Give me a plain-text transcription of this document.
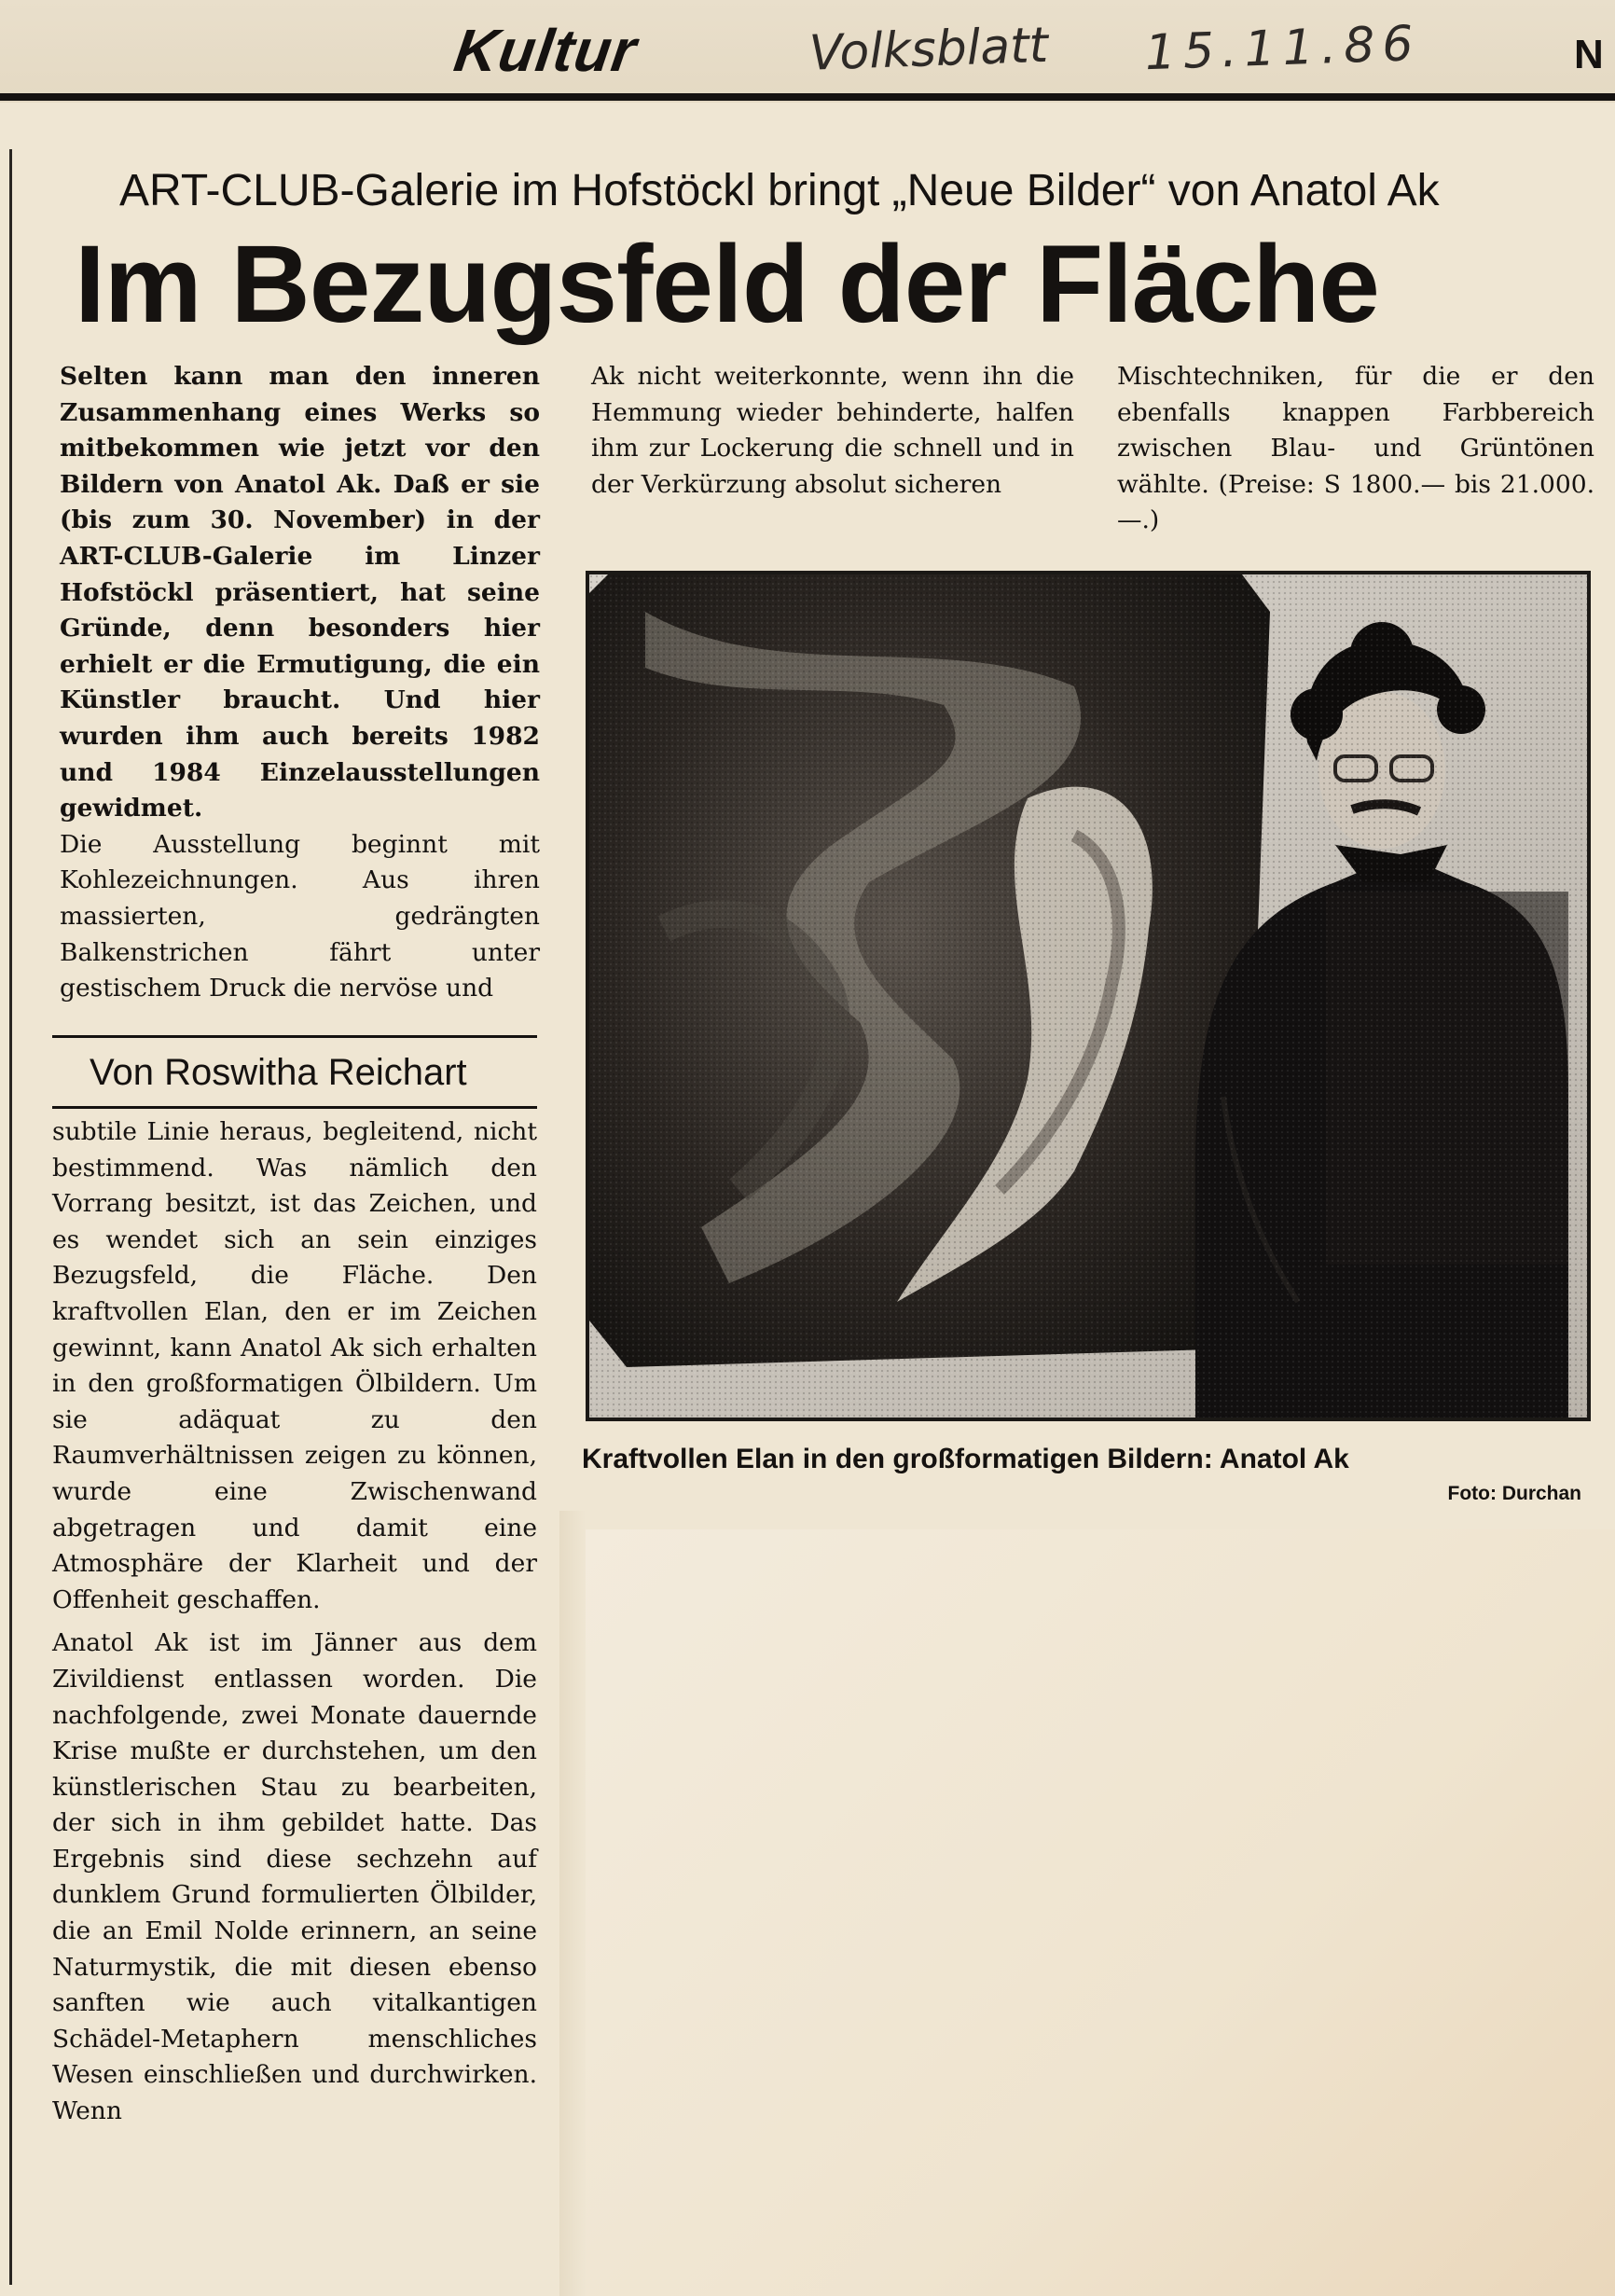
Kultur	Volksblatt	15.11.86	N
ART-CLUB-Galerie im Hofstöckl bringt „Neue Bilder“ von Anatol Ak
Im Bezugsfeld der Fläche

Selten kann man den inneren Zusammenhang eines Werks so mitbekommen wie jetzt vor den Bildern von Anatol Ak. Daß er sie (bis zum 30. November) in der ART-CLUB-Galerie im Linzer Hofstöckl präsentiert, hat seine Gründe, denn besonders hier erhielt er die Ermutigung, die ein Künstler braucht. Und hier wurden ihm auch bereits 1982 und 1984 Einzelausstellungen gewidmet.

Die Ausstellung beginnt mit Kohlezeichnungen. Aus ihren massierten, gedrängten Balkenstrichen fährt unter gestischem Druck die nervöse und

Von Roswitha Reichart

subtile Linie heraus, begleitend, nicht bestimmend. Was nämlich den Vorrang besitzt, ist das Zeichen, und es wendet sich an sein einziges Bezugsfeld, die Fläche. Den kraftvollen Elan, den er im Zeichen gewinnt, kann Anatol Ak sich erhalten in den großformatigen Ölbildern. Um sie adäquat zu den Raumverhältnissen zeigen zu können, wurde eine Zwischenwand abgetragen und damit eine Atmosphäre der Klarheit und der Offenheit geschaffen.

Anatol Ak ist im Jänner aus dem Zivildienst entlassen worden. Die nachfolgende, zwei Monate dauernde Krise mußte er durchstehen, um den künstlerischen Stau zu bearbeiten, der sich in ihm gebildet hatte. Das Ergebnis sind diese sechzehn auf dunklem Grund formulierten Ölbilder, die an Emil Nolde erinnern, an seine Naturmystik, die mit diesen ebenso sanften wie auch vitalkantigen Schädel-Metaphern menschliches Wesen einschließen und durchwirken. Wenn

Ak nicht weiterkonnte, wenn ihn die Hemmung wieder behinderte, halfen ihm zur Lockerung die schnell und in der Verkürzung absolut sicheren

Mischtechniken, für die er den ebenfalls knappen Farbbereich zwischen Blau- und Grüntönen wählte. (Preise: S 1800.— bis 21.000.—.)

Kraftvollen Elan in den großformatigen Bildern: Anatol Ak
Foto: Durchan
